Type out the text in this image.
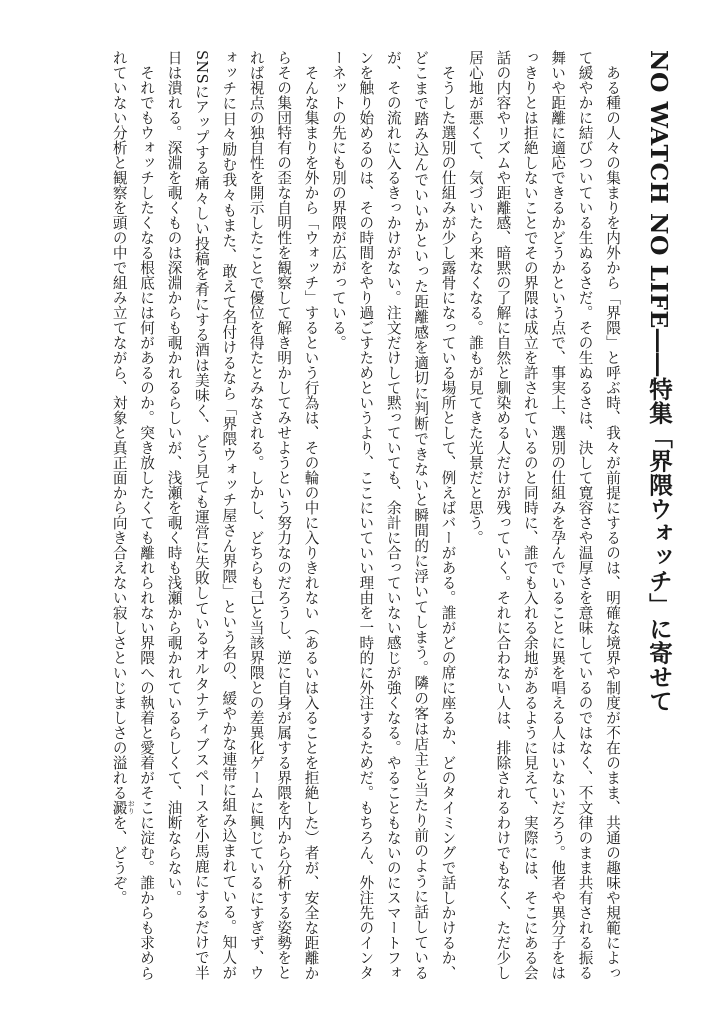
NO WATCH NO LIFE――特集「界隈ウォッチ」に寄せて

ある種の人々の集まりを内外から「界隈」と呼ぶ時、我々が前提にするのは、明確な境界や制度が不在のまま、共通の趣味や規範によって緩やかに結びついている生ぬるさだ。その生ぬるさは、決して寛容さや温厚さを意味しているのではなく、不文律のまま共有される振る舞いや距離に適応できるかどうかという点で、事実上、選別の仕組みを孕んでいることに異を唱える人はいないだろう。他者や異分子をはっきりとは拒絶しないことでその界隈は成立を許されているのと同時に、誰でも入れる余地があるように見えて、実際には、そこにある会話の内容やリズムや距離感、暗黙の了解に自然と馴染める人だけが残っていく。それに合わない人は、排除されるわけでもなく、ただ少し居心地が悪くて、気づいたら来なくなる。誰もが見てきた光景だと思う。

そうした選別の仕組みが少し露骨になっている場所として、例えばバーがある。誰がどの席に座るか、どのタイミングで話しかけるか、どこまで踏み込んでいいかといった距離感を適切に判断できないと瞬間的に浮いてしまう。隣の客は店主と当たり前のように話しているが、その流れに入るきっかけがない。注文だけして黙っていても、余計に合っていない感じが強くなる。やることもないのにスマートフォンを触り始めるのは、その時間をやり過ごすためというより、ここにいていい理由を一時的に外注するためだ。もちろん、外注先のインターネットの先にも別の界隈が広がっている。

そんな集まりを外から「ウォッチ」するという行為は、その輪の中に入りきれない（あるいは入ることを拒絶した）者が、安全な距離からその集団特有の歪な自明性を観察して解き明かしてみせようという努力なのだろうし、逆に自身が属する界隈を内から分析する姿勢をとれば視点の独自性を開示したことで優位を得たとみなされる。しかし、どちらも己と当該界隈との差異化ゲームに興じているにすぎず、ウォッチに日々励む我々もまた、敢えて名付けるなら「界隈ウォッチ屋さん界隈」という名の、緩やかな連帯に組み込まれている。知人がSNSにアップする痛々しい投稿を肴にする酒は美味く、どう見ても運営に失敗しているオルタナティブスペースを小馬鹿にするだけで半日は潰れる。深淵を覗くものは深淵からも覗かれるらしいが、浅瀬を覗く時も浅瀬から覗かれているらしくて、油断ならない。

それでもウォッチしたくなる根底には何があるのか。突き放したくても離れられない界隈への執着と愛着がそこに淀む。誰からも求められていない分析と観察を頭の中で組み立てながら、対象と真正面から向き合えない寂しさといじましさの溢れる澱 おりを、どうぞ。
